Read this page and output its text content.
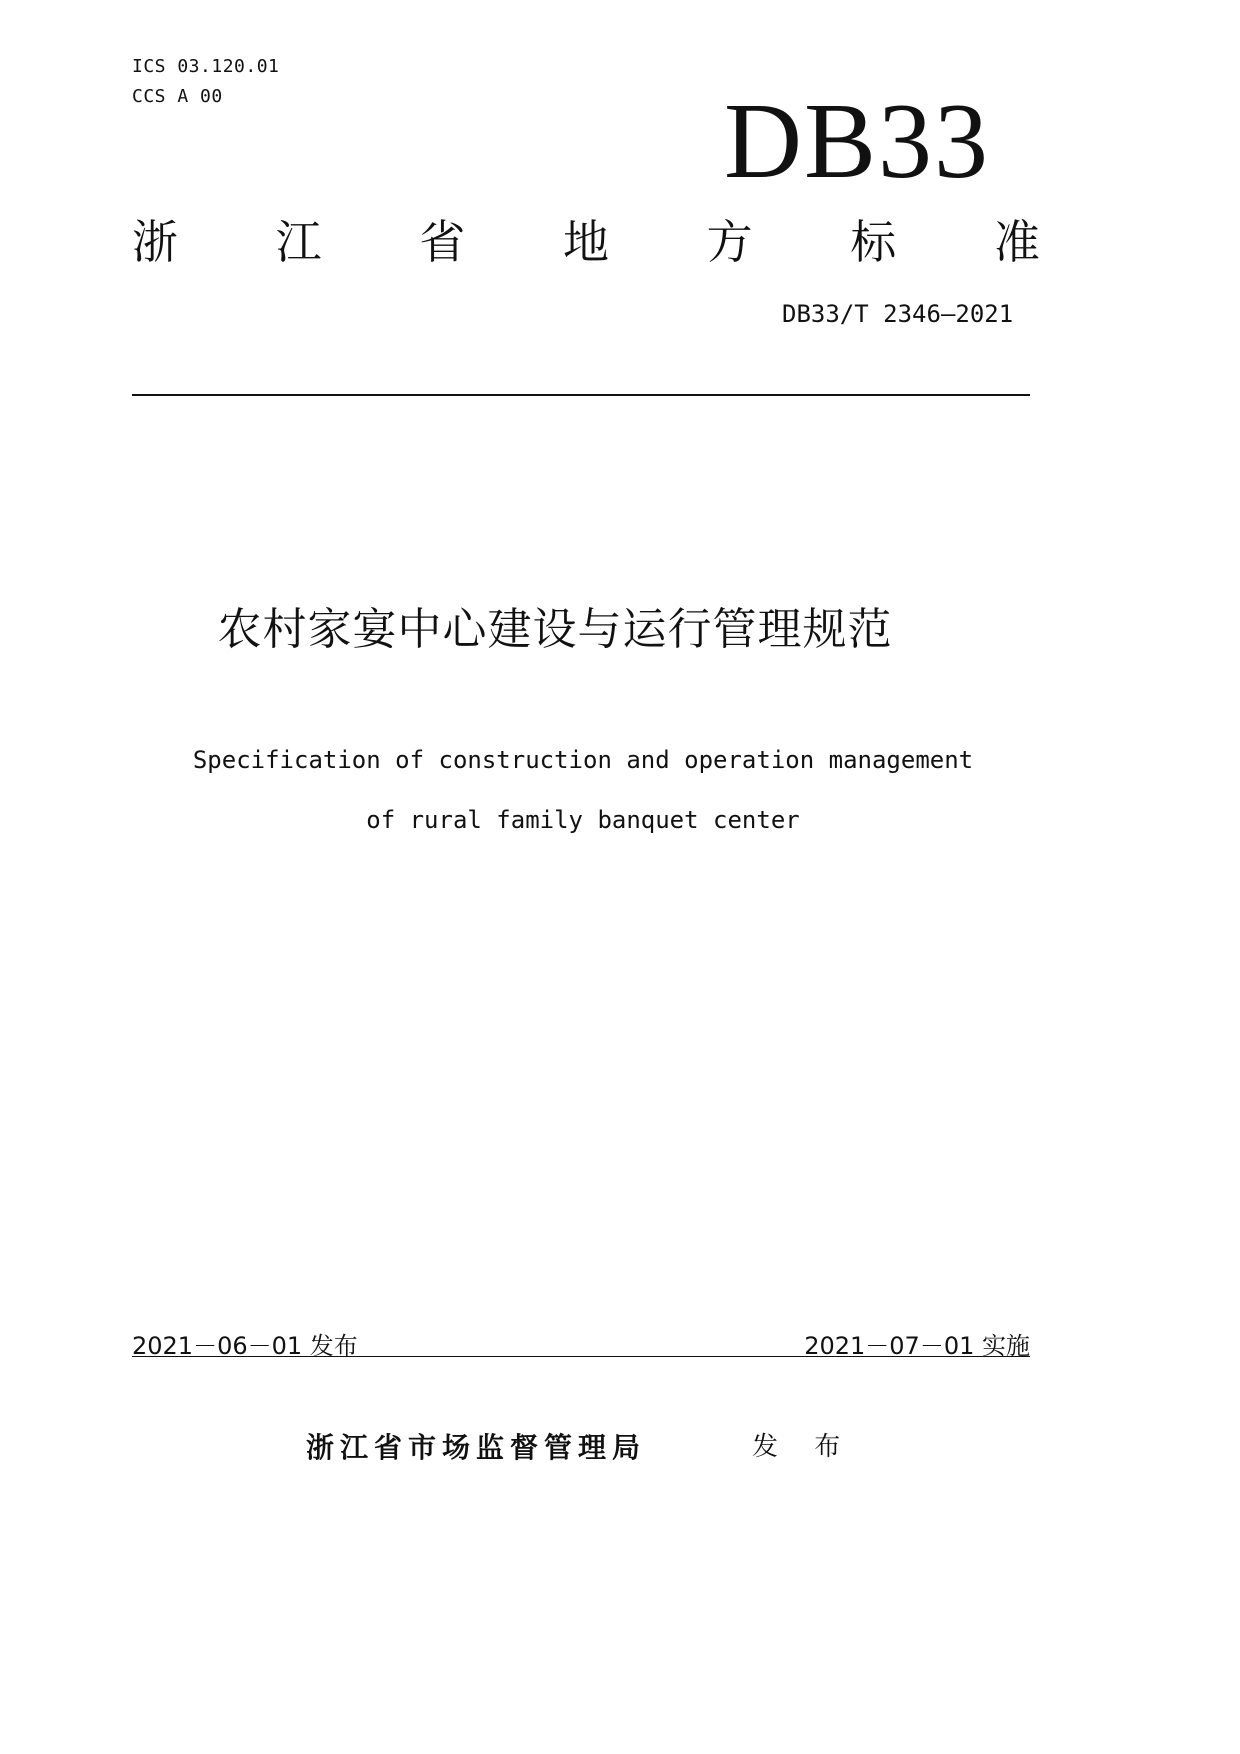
ICS 03.120.01
CCS A 00	DB33
浙 江 省 地 方 标 准
DB33/T 2346—2021
农村家宴中心建设与运行管理规范
Specification of construction and operation management
of rural family banquet center
2021－06－01 发布	2021－07－01 实施
浙江省市场监督管理局	发 布
